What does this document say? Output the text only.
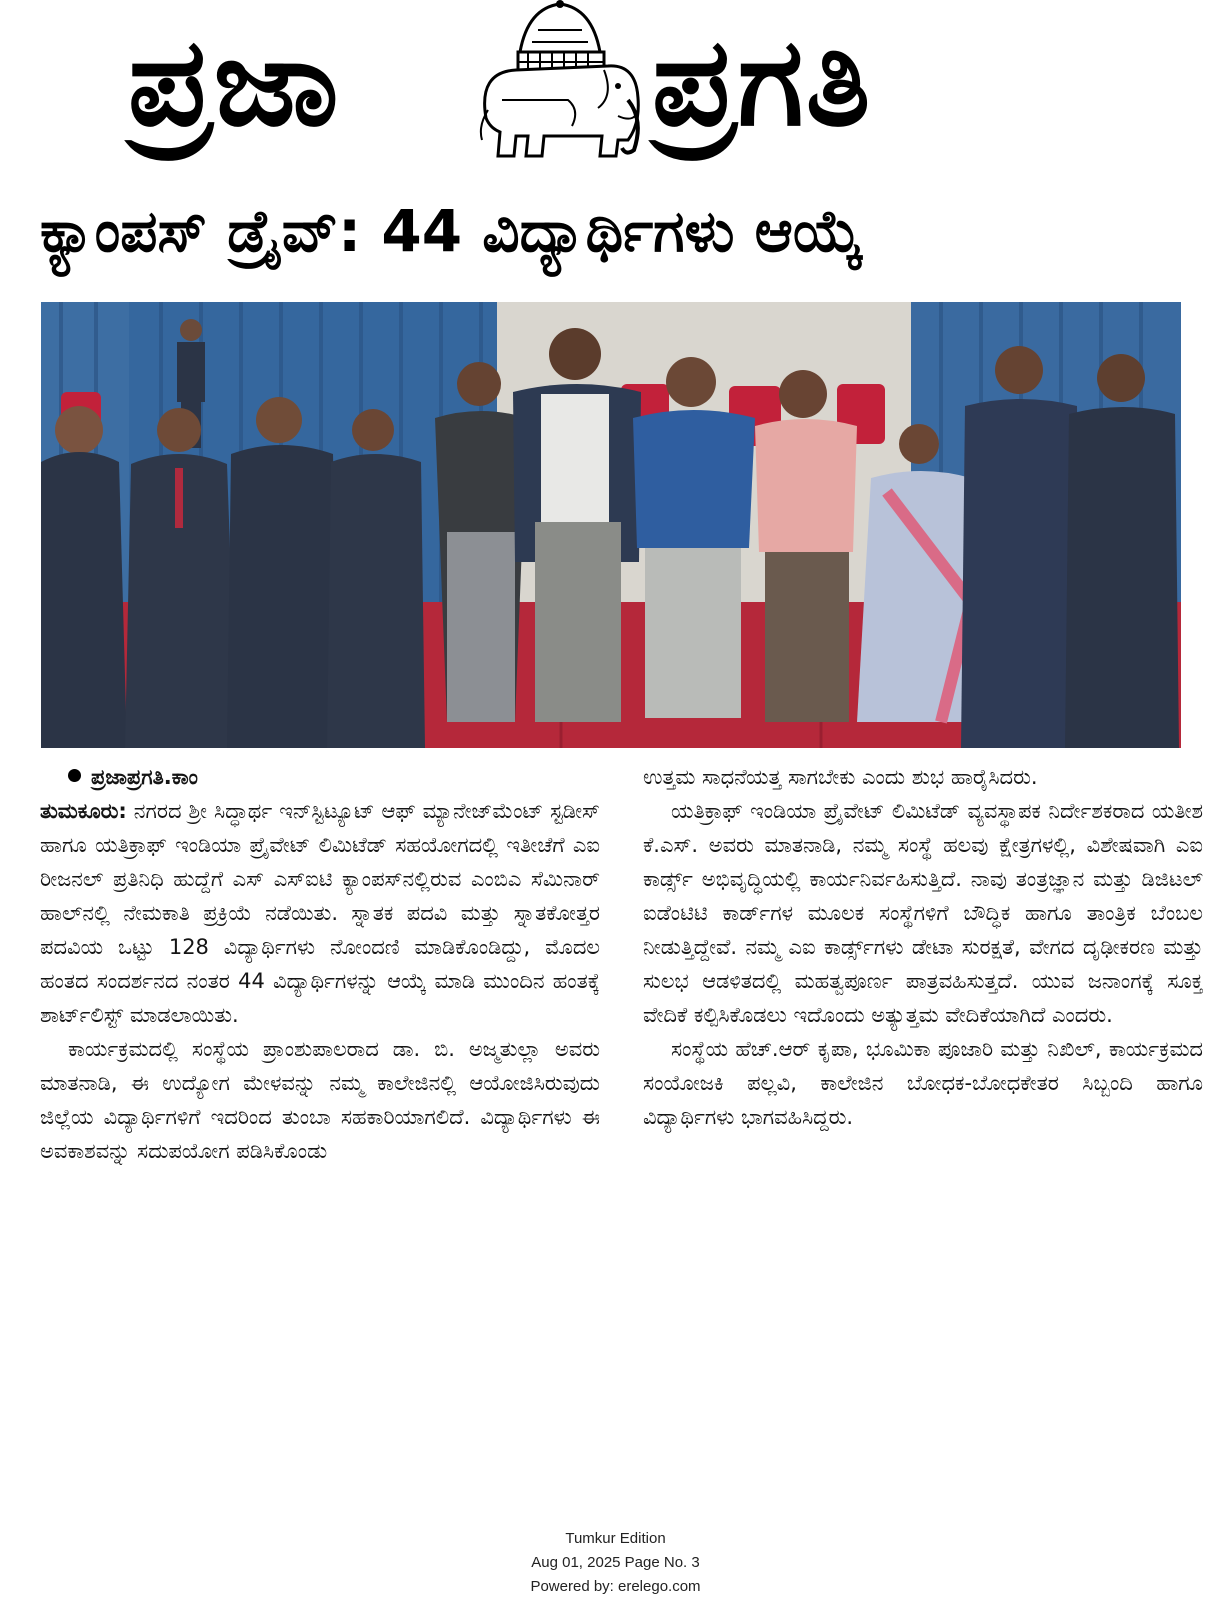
ಪ್ರಜಾ	ಪ್ರಗತಿ
ಕ್ಯಾಂಪಸ್ ಡ್ರೈವ್: 44 ವಿದ್ಯಾರ್ಥಿಗಳು ಆಯ್ಕೆ

ಪ್ರಜಾಪ್ರಗತಿ.ಕಾಂ

ತುಮಕೂರು: ನಗರದ ಶ್ರೀ ಸಿದ್ಧಾರ್ಥ ಇನ್‌ಸ್ಟಿಟ್ಯೂಟ್ ಆಫ್ ಮ್ಯಾನೇಜ್‌ಮೆಂಟ್ ಸ್ಟಡೀಸ್ ಹಾಗೂ ಯತಿಕ್ರಾಫ್ ಇಂಡಿಯಾ ಪ್ರೈವೇಟ್ ಲಿಮಿಟೆಡ್ ಸಹಯೋಗದಲ್ಲಿ ಇತೀಚೆಗೆ ಎಐ ರೀಜನಲ್ ಪ್ರತಿನಿಧಿ ಹುದ್ದೆಗೆ ಎಸ್ ಎಸ್‌ಐಟಿ ಕ್ಯಾಂಪಸ್‌ನಲ್ಲಿರುವ ಎಂಬಿಎ ಸೆಮಿನಾರ್ ಹಾಲ್‌ನಲ್ಲಿ ನೇಮಕಾತಿ ಪ್ರಕ್ರಿಯೆ ನಡೆಯಿತು. ಸ್ನಾತಕ ಪದವಿ ಮತ್ತು ಸ್ನಾತಕೋತ್ತರ ಪದವಿಯ ಒಟ್ಟು 128 ವಿದ್ಯಾರ್ಥಿಗಳು ನೋಂದಣಿ ಮಾಡಿಕೊಂಡಿದ್ದು, ಮೊದಲ ಹಂತದ ಸಂದರ್ಶನದ ನಂತರ 44 ವಿದ್ಯಾರ್ಥಿಗಳನ್ನು ಆಯ್ಕೆ ಮಾಡಿ ಮುಂದಿನ ಹಂತಕ್ಕೆ ಶಾರ್ಟ್‌ಲಿಸ್ಟ್ ಮಾಡಲಾಯಿತು.

ಕಾರ್ಯಕ್ರಮದಲ್ಲಿ ಸಂಸ್ಥೆಯ ಪ್ರಾಂಶುಪಾಲರಾದ ಡಾ. ಬಿ. ಅಜ್ಮತುಲ್ಲಾ ಅವರು ಮಾತನಾಡಿ, ಈ ಉದ್ಯೋಗ ಮೇಳವನ್ನು ನಮ್ಮ ಕಾಲೇಜಿನಲ್ಲಿ ಆಯೋಜಿಸಿರುವುದು ಜಿಲ್ಲೆಯ ವಿದ್ಯಾರ್ಥಿಗಳಿಗೆ ಇದರಿಂದ ತುಂಬಾ ಸಹಕಾರಿಯಾಗಲಿದೆ. ವಿದ್ಯಾರ್ಥಿಗಳು ಈ ಅವಕಾಶವನ್ನು ಸದುಪಯೋಗ ಪಡಿಸಿಕೊಂಡು

ಉತ್ತಮ ಸಾಧನೆಯತ್ತ ಸಾಗಬೇಕು ಎಂದು ಶುಭ ಹಾರೈಸಿದರು.

ಯತಿಕ್ರಾಫ್ ಇಂಡಿಯಾ ಪ್ರೈವೇಟ್ ಲಿಮಿಟೆಡ್ ವ್ಯವಸ್ಥಾಪಕ ನಿರ್ದೇಶಕರಾದ ಯತೀಶ ಕೆ.ಎಸ್. ಅವರು ಮಾತನಾಡಿ, ನಮ್ಮ ಸಂಸ್ಥೆ ಹಲವು ಕ್ಷೇತ್ರಗಳಲ್ಲಿ, ವಿಶೇಷವಾಗಿ ಎಐ ಕಾರ್ಡ್ಸ್ ಅಭಿವೃದ್ಧಿಯಲ್ಲಿ ಕಾರ್ಯನಿರ್ವಹಿಸುತ್ತಿದೆ. ನಾವು ತಂತ್ರಜ್ಞಾನ ಮತ್ತು ಡಿಜಿಟಲ್ ಐಡೆಂಟಿಟಿ ಕಾರ್ಡ್‌ಗಳ ಮೂಲಕ ಸಂಸ್ಥೆಗಳಿಗೆ ಬೌದ್ಧಿಕ ಹಾಗೂ ತಾಂತ್ರಿಕ ಬೆಂಬಲ ನೀಡುತ್ತಿದ್ದೇವೆ. ನಮ್ಮ ಎಐ ಕಾರ್ಡ್ಸ್‌ಗಳು ಡೇಟಾ ಸುರಕ್ಷತೆ, ವೇಗದ ದೃಢೀಕರಣ ಮತ್ತು ಸುಲಭ ಆಡಳಿತದಲ್ಲಿ ಮಹತ್ವಪೂರ್ಣ ಪಾತ್ರವಹಿಸುತ್ತದೆ. ಯುವ ಜನಾಂಗಕ್ಕೆ ಸೂಕ್ತ ವೇದಿಕೆ ಕಲ್ಪಿಸಿಕೊಡಲು ಇದೊಂದು ಅತ್ಯುತ್ತಮ ವೇದಿಕೆಯಾಗಿದೆ ಎಂದರು.

ಸಂಸ್ಥೆಯ ಹೆಚ್.ಆರ್ ಕೃಪಾ, ಭೂಮಿಕಾ ಪೂಜಾರಿ ಮತ್ತು ನಿಖಿಲ್, ಕಾರ್ಯಕ್ರಮದ ಸಂಯೋಜಕಿ ಪಲ್ಲವಿ, ಕಾಲೇಜಿನ ಬೋಧಕ-ಬೋಧಕೇತರ ಸಿಬ್ಬಂದಿ ಹಾಗೂ ವಿದ್ಯಾರ್ಥಿಗಳು ಭಾಗವಹಿಸಿದ್ದರು.

Tumkur Edition
Aug 01, 2025 Page No. 3
Powered by: erelego.com
